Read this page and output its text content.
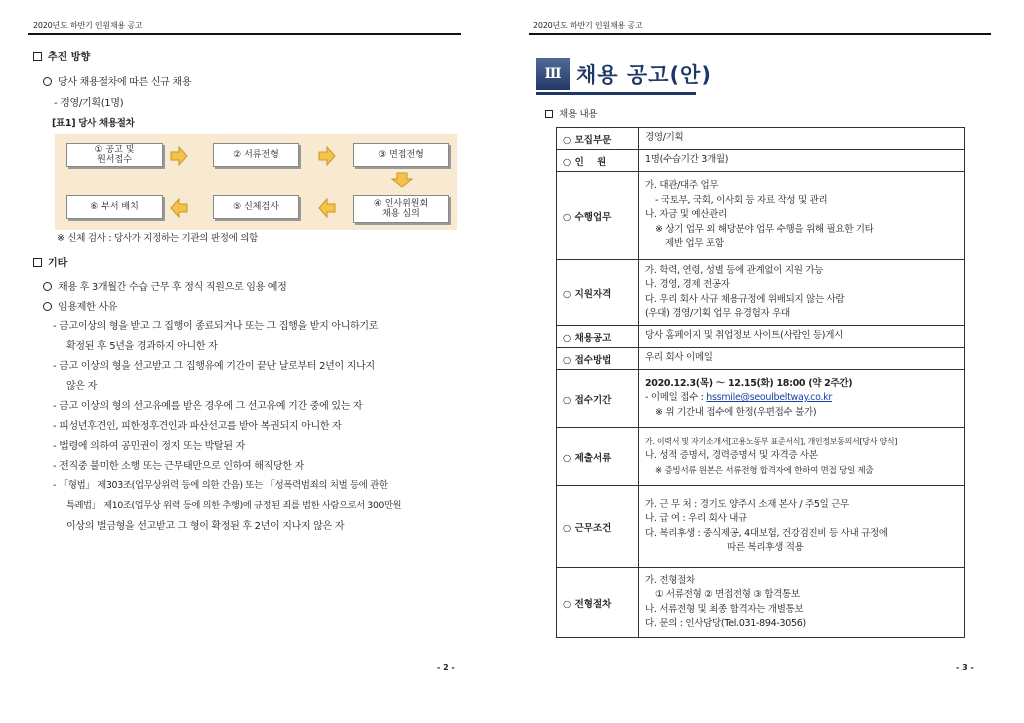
2020년도 하반기 인원채용 공고
추진 방향
당사 채용절차에 따른 신규 채용
- 경영/기획(1명)
[표1] 당사 채용절차
① 공고 및
원서접수	② 서류전형	③ 면접전형
④ 인사위원회
채용 심의
⑤ 신체검사
⑥ 부서 배치
※ 신체 검사 : 당사가 지정하는 기관의 판정에 의함
기타
채용 후 3개월간 수습 근무 후 정식 직원으로 임용 예정
임용제한 사유
- 금고이상의 형을 받고 그 집행이 종료되거나 또는 그 집행을 받지 아니하기로
확정된 후 5년을 경과하지 아니한 자
- 금고 이상의 형을 선고받고 그 집행유예 기간이 끝난 날로부터 2년이 지나지
않은 자
- 금고 이상의 형의 선고유예를 받은 경우에 그 선고유예 기간 중에 있는 자
- 피성년후견인, 피한정후견인과 파산선고를 받아 복권되지 아니한 자
- 법령에 의하여 공민권이 정지 또는 박탈된 자
- 전직중 불미한 소행 또는 근무태만으로 인하여 해직당한 자
- 「형법」 제303조(업무상위력 등에 의한 간음) 또는 「성폭력범죄의 처벌 등에 관한
특례법」 제10조(업무상 위력 등에 의한 추행)에 규정된 죄를 범한 사람으로서 300만원
이상의 벌금형을 선고받고 그 형이 확정된 후 2년이 지나지 않은 자
- 2 -
2020년도 하반기 인원채용 공고
Ⅲ 채용 공고(안)
채용 내용
○ 모집부문	경영/기획

○ 인    원	1명(수습기간 3개월)

○ 수행업무	가. 대관/대주 업무
- 국토부, 국회, 이사회 등 자료 작성 및 관리
나. 자금 및 예산관리
※ 상기 업무 외 해당분야 업무 수행을 위해 필요한 기타
제반 업무 포함

○ 지원자격	가. 학력, 연령, 성별 등에 관계없이 지원 가능
나. 경영, 경제 전공자
다. 우리 회사 사규 채용규정에 위배되지 않는 사람
(우대) 경영/기획 업무 유경험자 우대

○ 채용공고	당사 홈페이지 및 취업정보 사이트(사람인 등)게시

○ 접수방법	우리 회사 이메일

○ 접수기간	2020.12.3(목) ～ 12.15(화) 18:00 (약 2주간)
- 이메일 접수 : hssmile@seoulbeltway.co.kr
※ 위 기간내 접수에 한정(우편접수 불가)

○ 제출서류	가. 이력서 및 자기소개서[고용노동부 표준서식], 개인정보동의서[당사 양식]
나. 성적 증명서, 경력증명서 및 자격증 사본
※ 증빙서류 원본은 서류전형 합격자에 한하여 면접 당일 제출

○ 근무조건	가. 근 무 처 : 경기도 양주시 소재 본사 / 주5일 근무
나. 급 여 : 우리 회사 내규
다. 복리후생 : 중식제공, 4대보험, 건강검진비 등 사내 규정에
따른 복리후생 적용

○ 전형절차	가. 전형절차
① 서류전형 ② 면접전형 ③ 합격통보
나. 서류전형 및 최종 합격자는 개별통보
다. 문의 : 인사담당(Tel.031-894-3056)
- 3 -
